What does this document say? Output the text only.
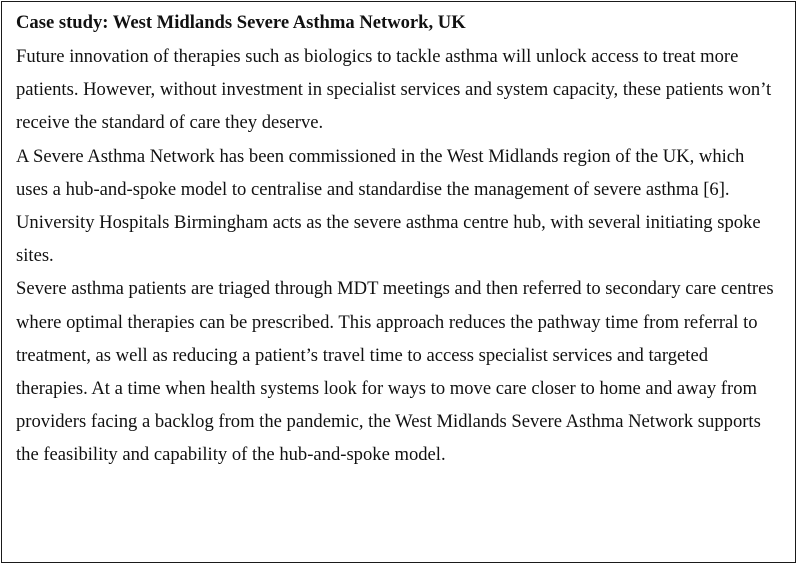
Case study: West Midlands Severe Asthma Network, UK

Future innovation of therapies such as biologics to tackle asthma will unlock access to treat more patients. However, without investment in specialist services and system capacity, these patients won’t receive the standard of care they deserve.

A Severe Asthma Network has been commissioned in the West Midlands region of the UK, which uses a hub-and-spoke model to centralise and standardise the management of severe asthma [6]. University Hospitals Birmingham acts as the severe asthma centre hub, with several initiating spoke sites.

Severe asthma patients are triaged through MDT meetings and then referred to secondary care centres where optimal therapies can be prescribed. This approach reduces the pathway time from referral to treatment, as well as reducing a patient’s travel time to access specialist services and targeted therapies. At a time when health systems look for ways to move care closer to home and away from providers facing a backlog from the pandemic, the West Midlands Severe Asthma Network supports the feasibility and capability of the hub-and-spoke model.
